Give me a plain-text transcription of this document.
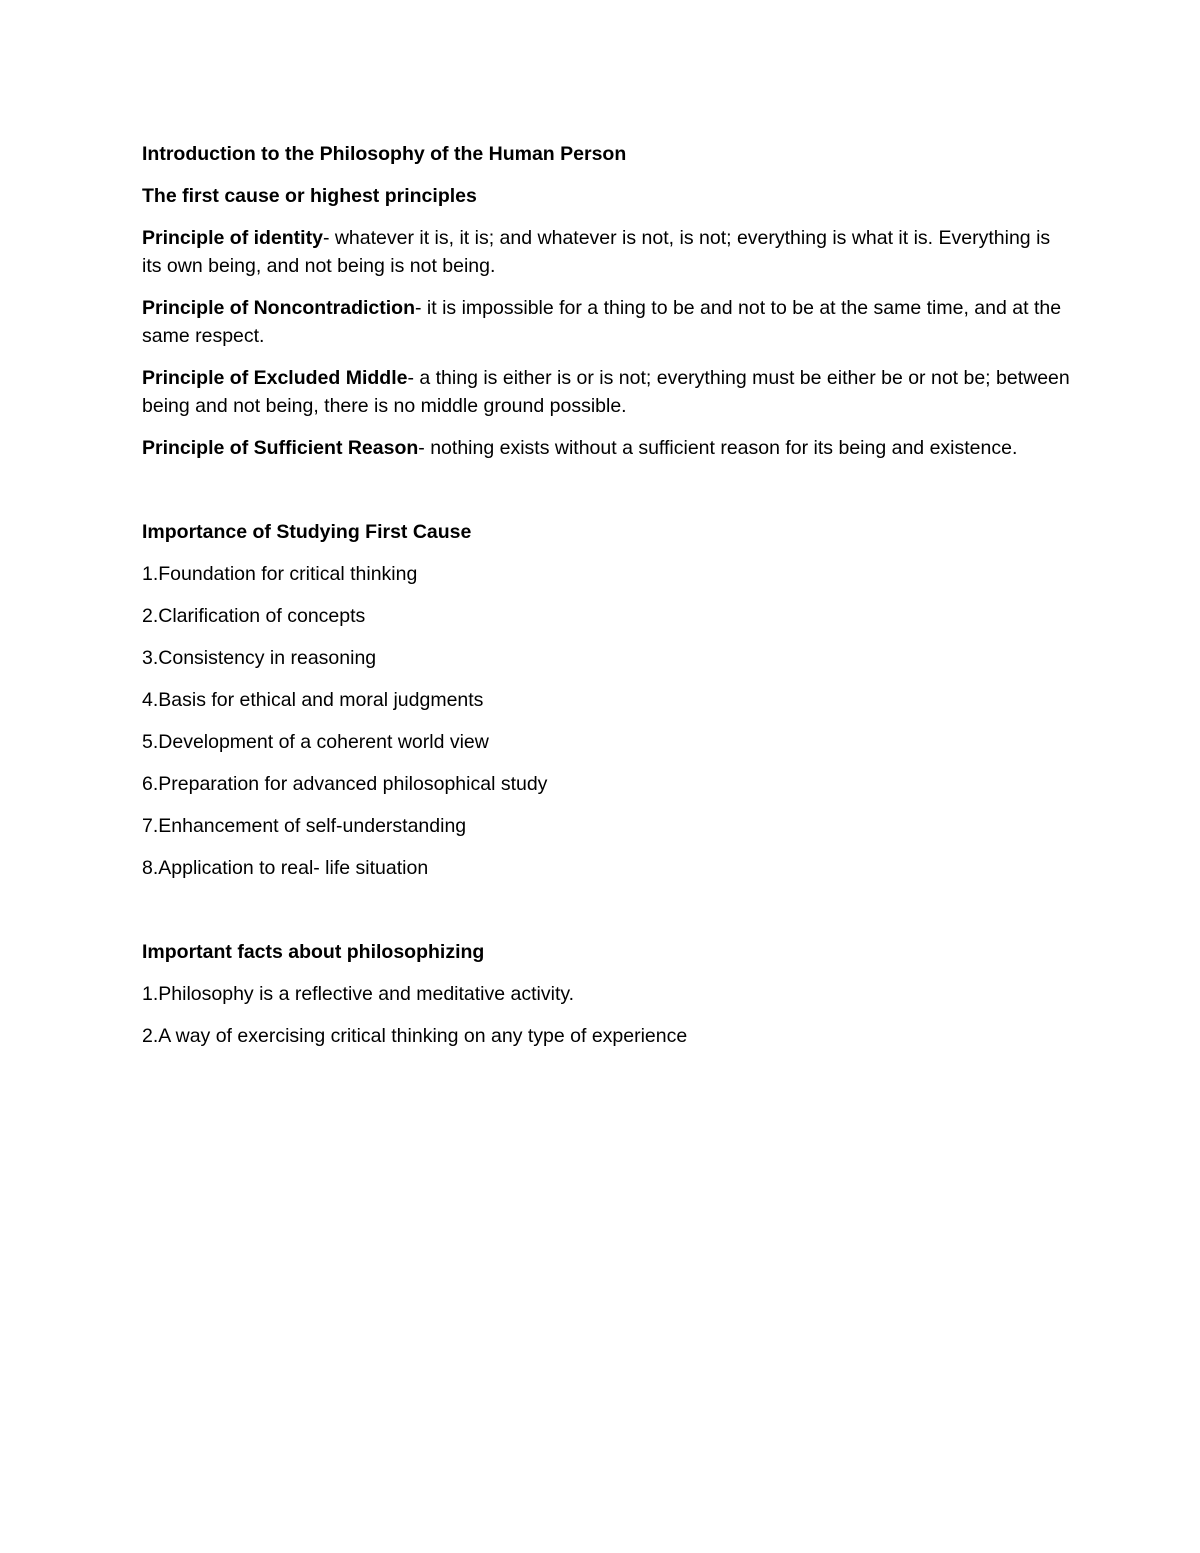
Introduction to the Philosophy of the Human Person
The first cause or highest principles
Principle of identity- whatever it is, it is; and whatever is not, is not; everything is what it is. Everything is its own being, and not being is not being.
Principle of Noncontradiction- it is impossible for a thing to be and not to be at the same time, and at the same respect.
Principle of Excluded Middle- a thing is either is or is not; everything must be either be or not be; between being and not being, there is no middle ground possible.
Principle of Sufficient Reason- nothing exists without a sufficient reason for its being and existence.
Importance of Studying First Cause
1.Foundation for critical thinking
2.Clarification of concepts
3.Consistency in reasoning
4.Basis for ethical and moral judgments
5.Development of a coherent world view
6.Preparation for advanced philosophical study
7.Enhancement of self-understanding
8.Application to real- life situation
Important facts about philosophizing
1.Philosophy is a reflective and meditative activity.
2.A way of exercising critical thinking on any type of experience
